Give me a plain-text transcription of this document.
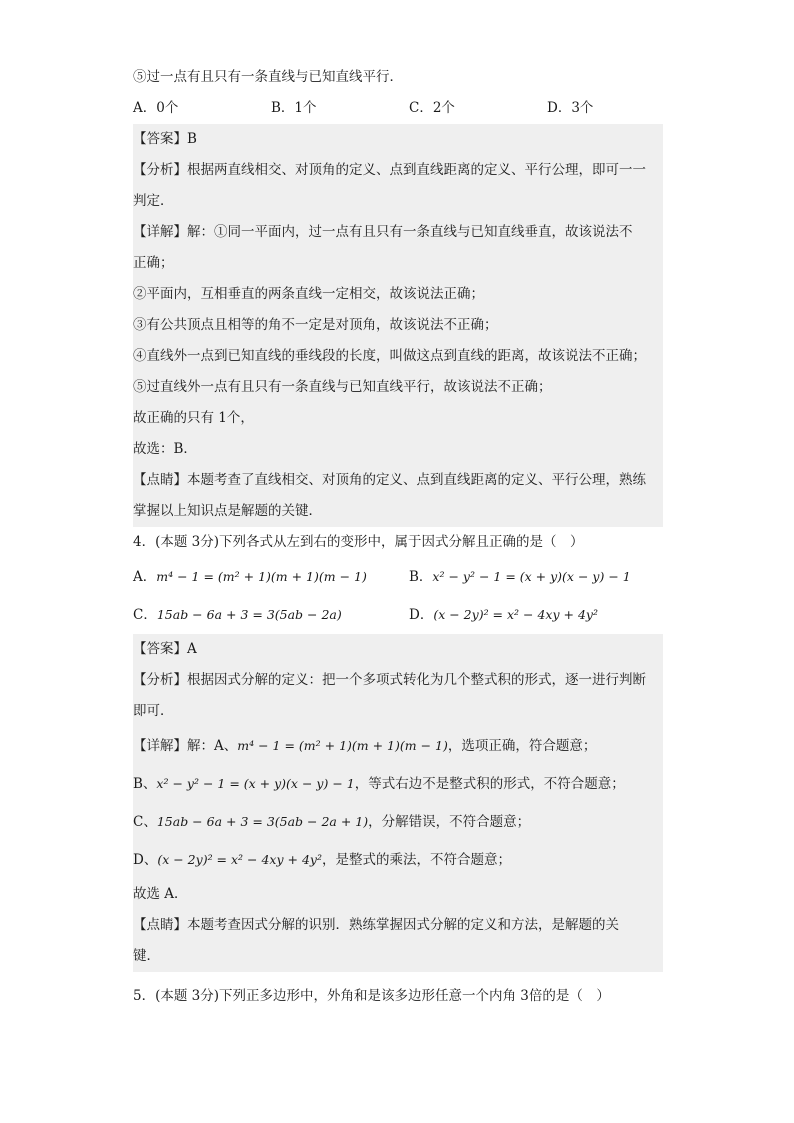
⑤过一点有且只有一条直线与已知直线平行．
A．0个	B．1个	C．2个	D．3个
【答案】B
【分析】根据两直线相交、对顶角的定义、点到直线距离的定义、平行公理，即可一一
判定．
【详解】解：①同一平面内，过一点有且只有一条直线与已知直线垂直，故该说法不
正确；
②平面内，互相垂直的两条直线一定相交，故该说法正确；
③有公共顶点且相等的角不一定是对顶角，故该说法不正确；
④直线外一点到已知直线的垂线段的长度，叫做这点到直线的距离，故该说法不正确；
⑤过直线外一点有且只有一条直线与已知直线平行，故该说法不正确；
故正确的只有 1个，
故选：B．
【点睛】本题考查了直线相交、对顶角的定义、点到直线距离的定义、平行公理，熟练
掌握以上知识点是解题的关键．
4．(本题 3分)下列各式从左到右的变形中，属于因式分解且正确的是（　）
A．m⁴ − 1 = (m² + 1)(m + 1)(m − 1)	B．x² − y² − 1 = (x + y)(x − y) − 1
C．15ab − 6a + 3 = 3(5ab − 2a)	D．(x − 2y)² = x² − 4xy + 4y²
【答案】A
【分析】根据因式分解的定义：把一个多项式转化为几个整式积的形式，逐一进行判断
即可．
【详解】解：A、m⁴ − 1 = (m² + 1)(m + 1)(m − 1)，选项正确，符合题意；
B、x² − y² − 1 = (x + y)(x − y) − 1，等式右边不是整式积的形式，不符合题意；
C、15ab − 6a + 3 = 3(5ab − 2a + 1)，分解错误，不符合题意；
D、(x − 2y)² = x² − 4xy + 4y²，是整式的乘法，不符合题意；
故选 A．
【点睛】本题考查因式分解的识别．熟练掌握因式分解的定义和方法，是解题的关
键．
5．(本题 3分)下列正多边形中，外角和是该多边形任意一个内角 3倍的是（　）
